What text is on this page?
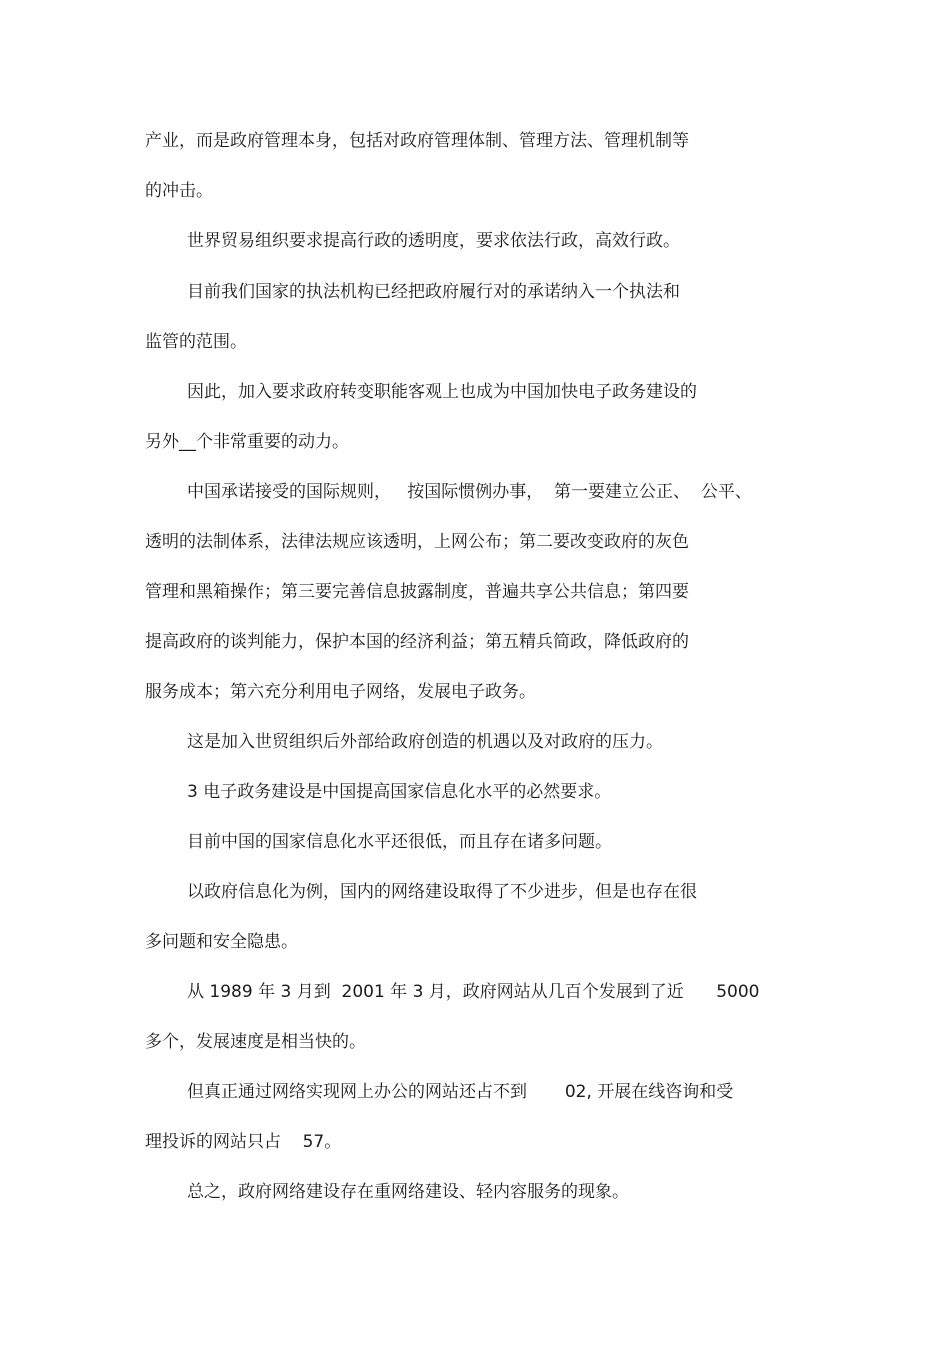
产业，而是政府管理本身，包括对政府管理体制、管理方法、管理机制等

的冲击。

世界贸易组织要求提高行政的透明度，要求依法行政，高效行政。

目前我们国家的执法机构已经把政府履行对的承诺纳入一个执法和

监管的范围。

因此，加入要求政府转变职能客观上也成为中国加快电子政务建设的

另外__个非常重要的动力。

中国承诺接受的国际规则，   按国际惯例办事，  第一要建立公正、  公平、

透明的法制体系，法律法规应该透明，上网公布；第二要改变政府的灰色

管理和黑箱操作；第三要完善信息披露制度，普遍共享公共信息；第四要

提高政府的谈判能力，保护本国的经济利益；第五精兵简政，降低政府的

服务成本；第六充分利用电子网络，发展电子政务。

这是加入世贸组织后外部给政府创造的机遇以及对政府的压力。

3 电子政务建设是中国提高国家信息化水平的必然要求。

目前中国的国家信息化水平还很低，而且存在诸多问题。

以政府信息化为例，国内的网络建设取得了不少进步，但是也存在很

多问题和安全隐患。

从 1989 年 3 月到  2001 年 3 月，政府网站从几百个发展到了近      5000

多个，发展速度是相当快的。

但真正通过网络实现网上办公的网站还占不到       02, 开展在线咨询和受

理投诉的网站只占    57。

总之，政府网络建设存在重网络建设、轻内容服务的现象。
